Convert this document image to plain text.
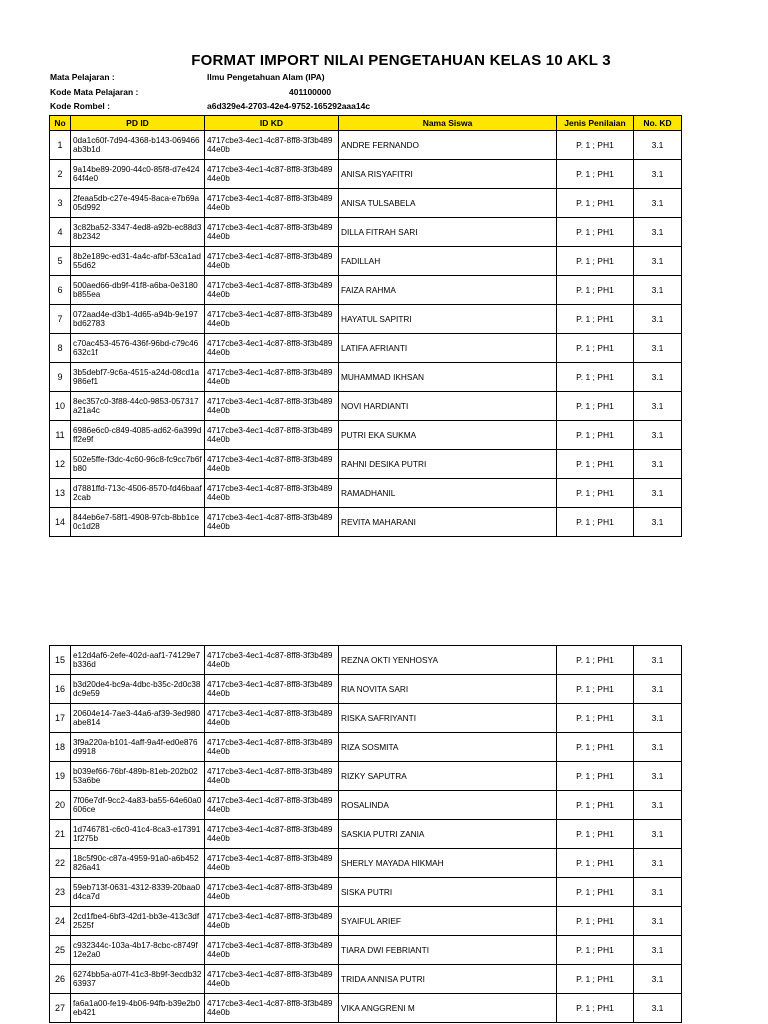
FORMAT IMPORT NILAI PENGETAHUAN KELAS 10 AKL 3
Mata Pelajaran :	Ilmu Pengetahuan Alam (IPA)
Kode Mata Pelajaran :	401100000
Kode Rombel :	a6d329e4-2703-42e4-9752-165292aaa14c
No	PD ID	ID KD	Nama Siswa	Jenis Penilaian	No. KD
1	0da1c60f-7d94-4368-b143-069466ab3b1d	4717cbe3-4ec1-4c87-8ff8-3f3b48944e0b	ANDRE FERNANDO	P. 1 ; PH1	3.1
2	9a14be89-2090-44c0-85f8-d7e42464f4e0	4717cbe3-4ec1-4c87-8ff8-3f3b48944e0b	ANISA RISYAFITRI	P. 1 ; PH1	3.1
3	2feaa5db-c27e-4945-8aca-e7b69a05d992	4717cbe3-4ec1-4c87-8ff8-3f3b48944e0b	ANISA TULSABELA	P. 1 ; PH1	3.1
4	3c82ba52-3347-4ed8-a92b-ec88d38b2342	4717cbe3-4ec1-4c87-8ff8-3f3b48944e0b	DILLA FITRAH SARI	P. 1 ; PH1	3.1
5	8b2e189c-ed31-4a4c-afbf-53ca1ad55d62	4717cbe3-4ec1-4c87-8ff8-3f3b48944e0b	FADILLAH	P. 1 ; PH1	3.1
6	500aed66-db9f-41f8-a6ba-0e3180b855ea	4717cbe3-4ec1-4c87-8ff8-3f3b48944e0b	FAIZA RAHMA	P. 1 ; PH1	3.1
7	072aad4e-d3b1-4d65-a94b-9e197bd62783	4717cbe3-4ec1-4c87-8ff8-3f3b48944e0b	HAYATUL SAPITRI	P. 1 ; PH1	3.1
8	c70ac453-4576-436f-96bd-c79c46632c1f	4717cbe3-4ec1-4c87-8ff8-3f3b48944e0b	LATIFA AFRIANTI	P. 1 ; PH1	3.1
9	3b5debf7-9c6a-4515-a24d-08cd1a986ef1	4717cbe3-4ec1-4c87-8ff8-3f3b48944e0b	MUHAMMAD IKHSAN	P. 1 ; PH1	3.1
10	8ec357c0-3f88-44c0-9853-057317a21a4c	4717cbe3-4ec1-4c87-8ff8-3f3b48944e0b	NOVI HARDIANTI	P. 1 ; PH1	3.1
11	6986e6c0-c849-4085-ad62-6a399dff2e9f	4717cbe3-4ec1-4c87-8ff8-3f3b48944e0b	PUTRI EKA SUKMA	P. 1 ; PH1	3.1
12	502e5ffe-f3dc-4c60-96c8-fc9cc7b6fb80	4717cbe3-4ec1-4c87-8ff8-3f3b48944e0b	RAHNI DESIKA PUTRI	P. 1 ; PH1	3.1
13	d7881ffd-713c-4506-8570-fd46baaf2cab	4717cbe3-4ec1-4c87-8ff8-3f3b48944e0b	RAMADHANIL	P. 1 ; PH1	3.1
14	844eb6e7-58f1-4908-97cb-8bb1ce0c1d28	4717cbe3-4ec1-4c87-8ff8-3f3b48944e0b	REVITA MAHARANI	P. 1 ; PH1	3.1
15	e12d4af6-2efe-402d-aaf1-74129e7b336d	4717cbe3-4ec1-4c87-8ff8-3f3b48944e0b	REZNA OKTI YENHOSYA	P. 1 ; PH1	3.1
16	b3d20de4-bc9a-4dbc-b35c-2d0c38dc9e59	4717cbe3-4ec1-4c87-8ff8-3f3b48944e0b	RIA NOVITA SARI	P. 1 ; PH1	3.1
17	20604e14-7ae3-44a6-af39-3ed980abe814	4717cbe3-4ec1-4c87-8ff8-3f3b48944e0b	RISKA SAFRIYANTI	P. 1 ; PH1	3.1
18	3f9a220a-b101-4aff-9a4f-ed0e876d9918	4717cbe3-4ec1-4c87-8ff8-3f3b48944e0b	RIZA SOSMITA	P. 1 ; PH1	3.1
19	b039ef66-76bf-489b-81eb-202b0253a6be	4717cbe3-4ec1-4c87-8ff8-3f3b48944e0b	RIZKY SAPUTRA	P. 1 ; PH1	3.1
20	7f06e7df-9cc2-4a83-ba55-64e60a0606ce	4717cbe3-4ec1-4c87-8ff8-3f3b48944e0b	ROSALINDA	P. 1 ; PH1	3.1
21	1d746781-c6c0-41c4-8ca3-e173911f275b	4717cbe3-4ec1-4c87-8ff8-3f3b48944e0b	SASKIA PUTRI ZANIA	P. 1 ; PH1	3.1
22	18c5f90c-c87a-4959-91a0-a6b452826a41	4717cbe3-4ec1-4c87-8ff8-3f3b48944e0b	SHERLY MAYADA HIKMAH	P. 1 ; PH1	3.1
23	59eb713f-0631-4312-8339-20baa0d4ca7d	4717cbe3-4ec1-4c87-8ff8-3f3b48944e0b	SISKA PUTRI	P. 1 ; PH1	3.1
24	2cd1fbe4-6bf3-42d1-bb3e-413c3df2525f	4717cbe3-4ec1-4c87-8ff8-3f3b48944e0b	SYAIFUL ARIEF	P. 1 ; PH1	3.1
25	c932344c-103a-4b17-8cbc-c8749f12e2a0	4717cbe3-4ec1-4c87-8ff8-3f3b48944e0b	TIARA DWI FEBRIANTI	P. 1 ; PH1	3.1
26	6274bb5a-a07f-41c3-8b9f-3ecdb3263937	4717cbe3-4ec1-4c87-8ff8-3f3b48944e0b	TRIDA ANNISA PUTRI	P. 1 ; PH1	3.1
27	fa6a1a00-fe19-4b06-94fb-b39e2b0eb421	4717cbe3-4ec1-4c87-8ff8-3f3b48944e0b	VIKA ANGGRENI M	P. 1 ; PH1	3.1
